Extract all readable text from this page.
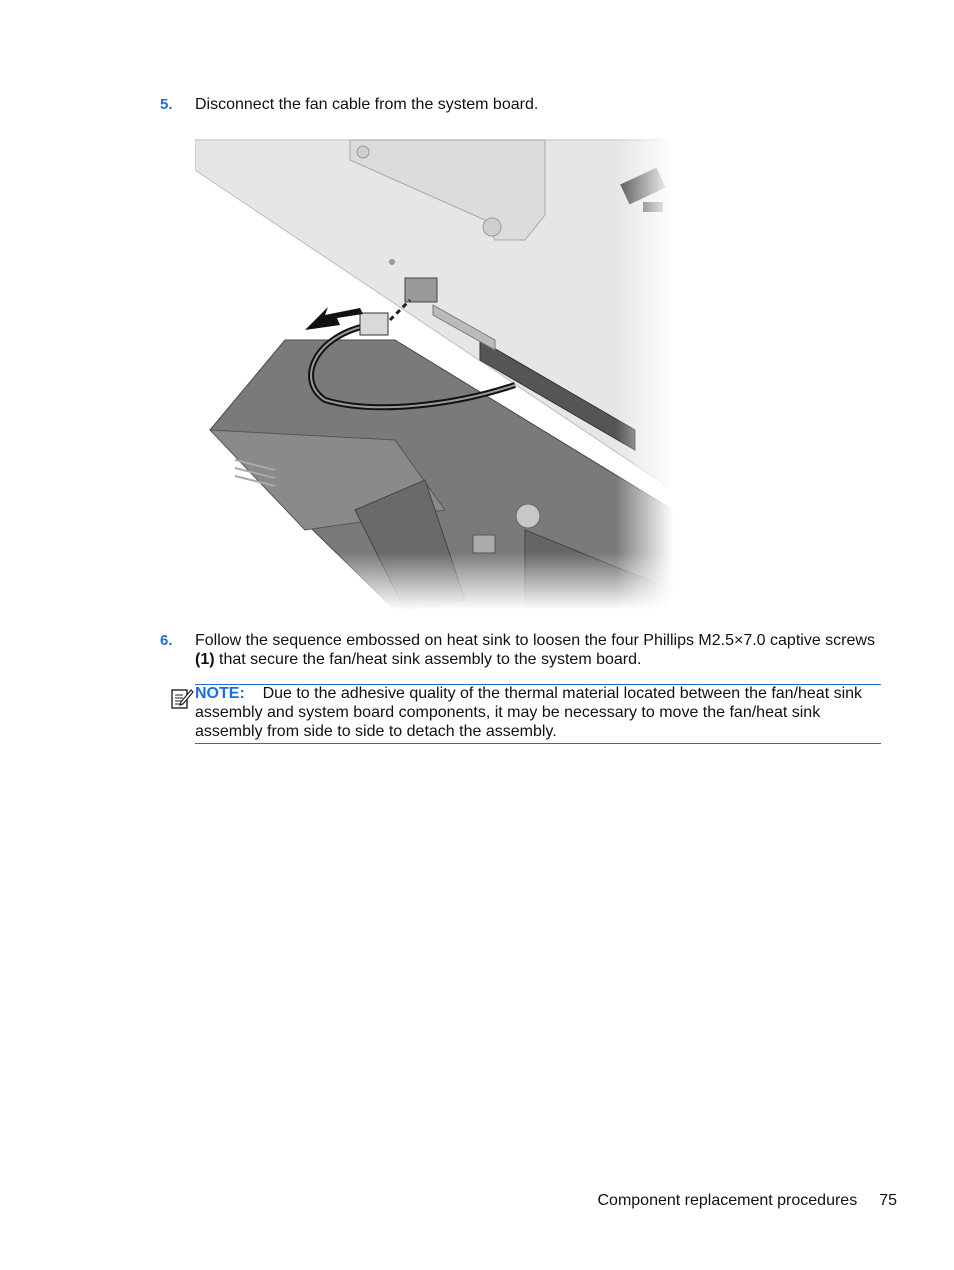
5. Disconnect the fan cable from the system board.
6. Follow the sequence embossed on heat sink to loosen the four Phillips M2.5×7.0 captive screws
(1) that secure the fan/heat sink assembly to the system board.
NOTE: Due to the adhesive quality of the thermal material located between the fan/heat sink assembly and system board components, it may be necessary to move the fan/heat sink assembly from side to side to detach the assembly.
Component replacement procedures 75
